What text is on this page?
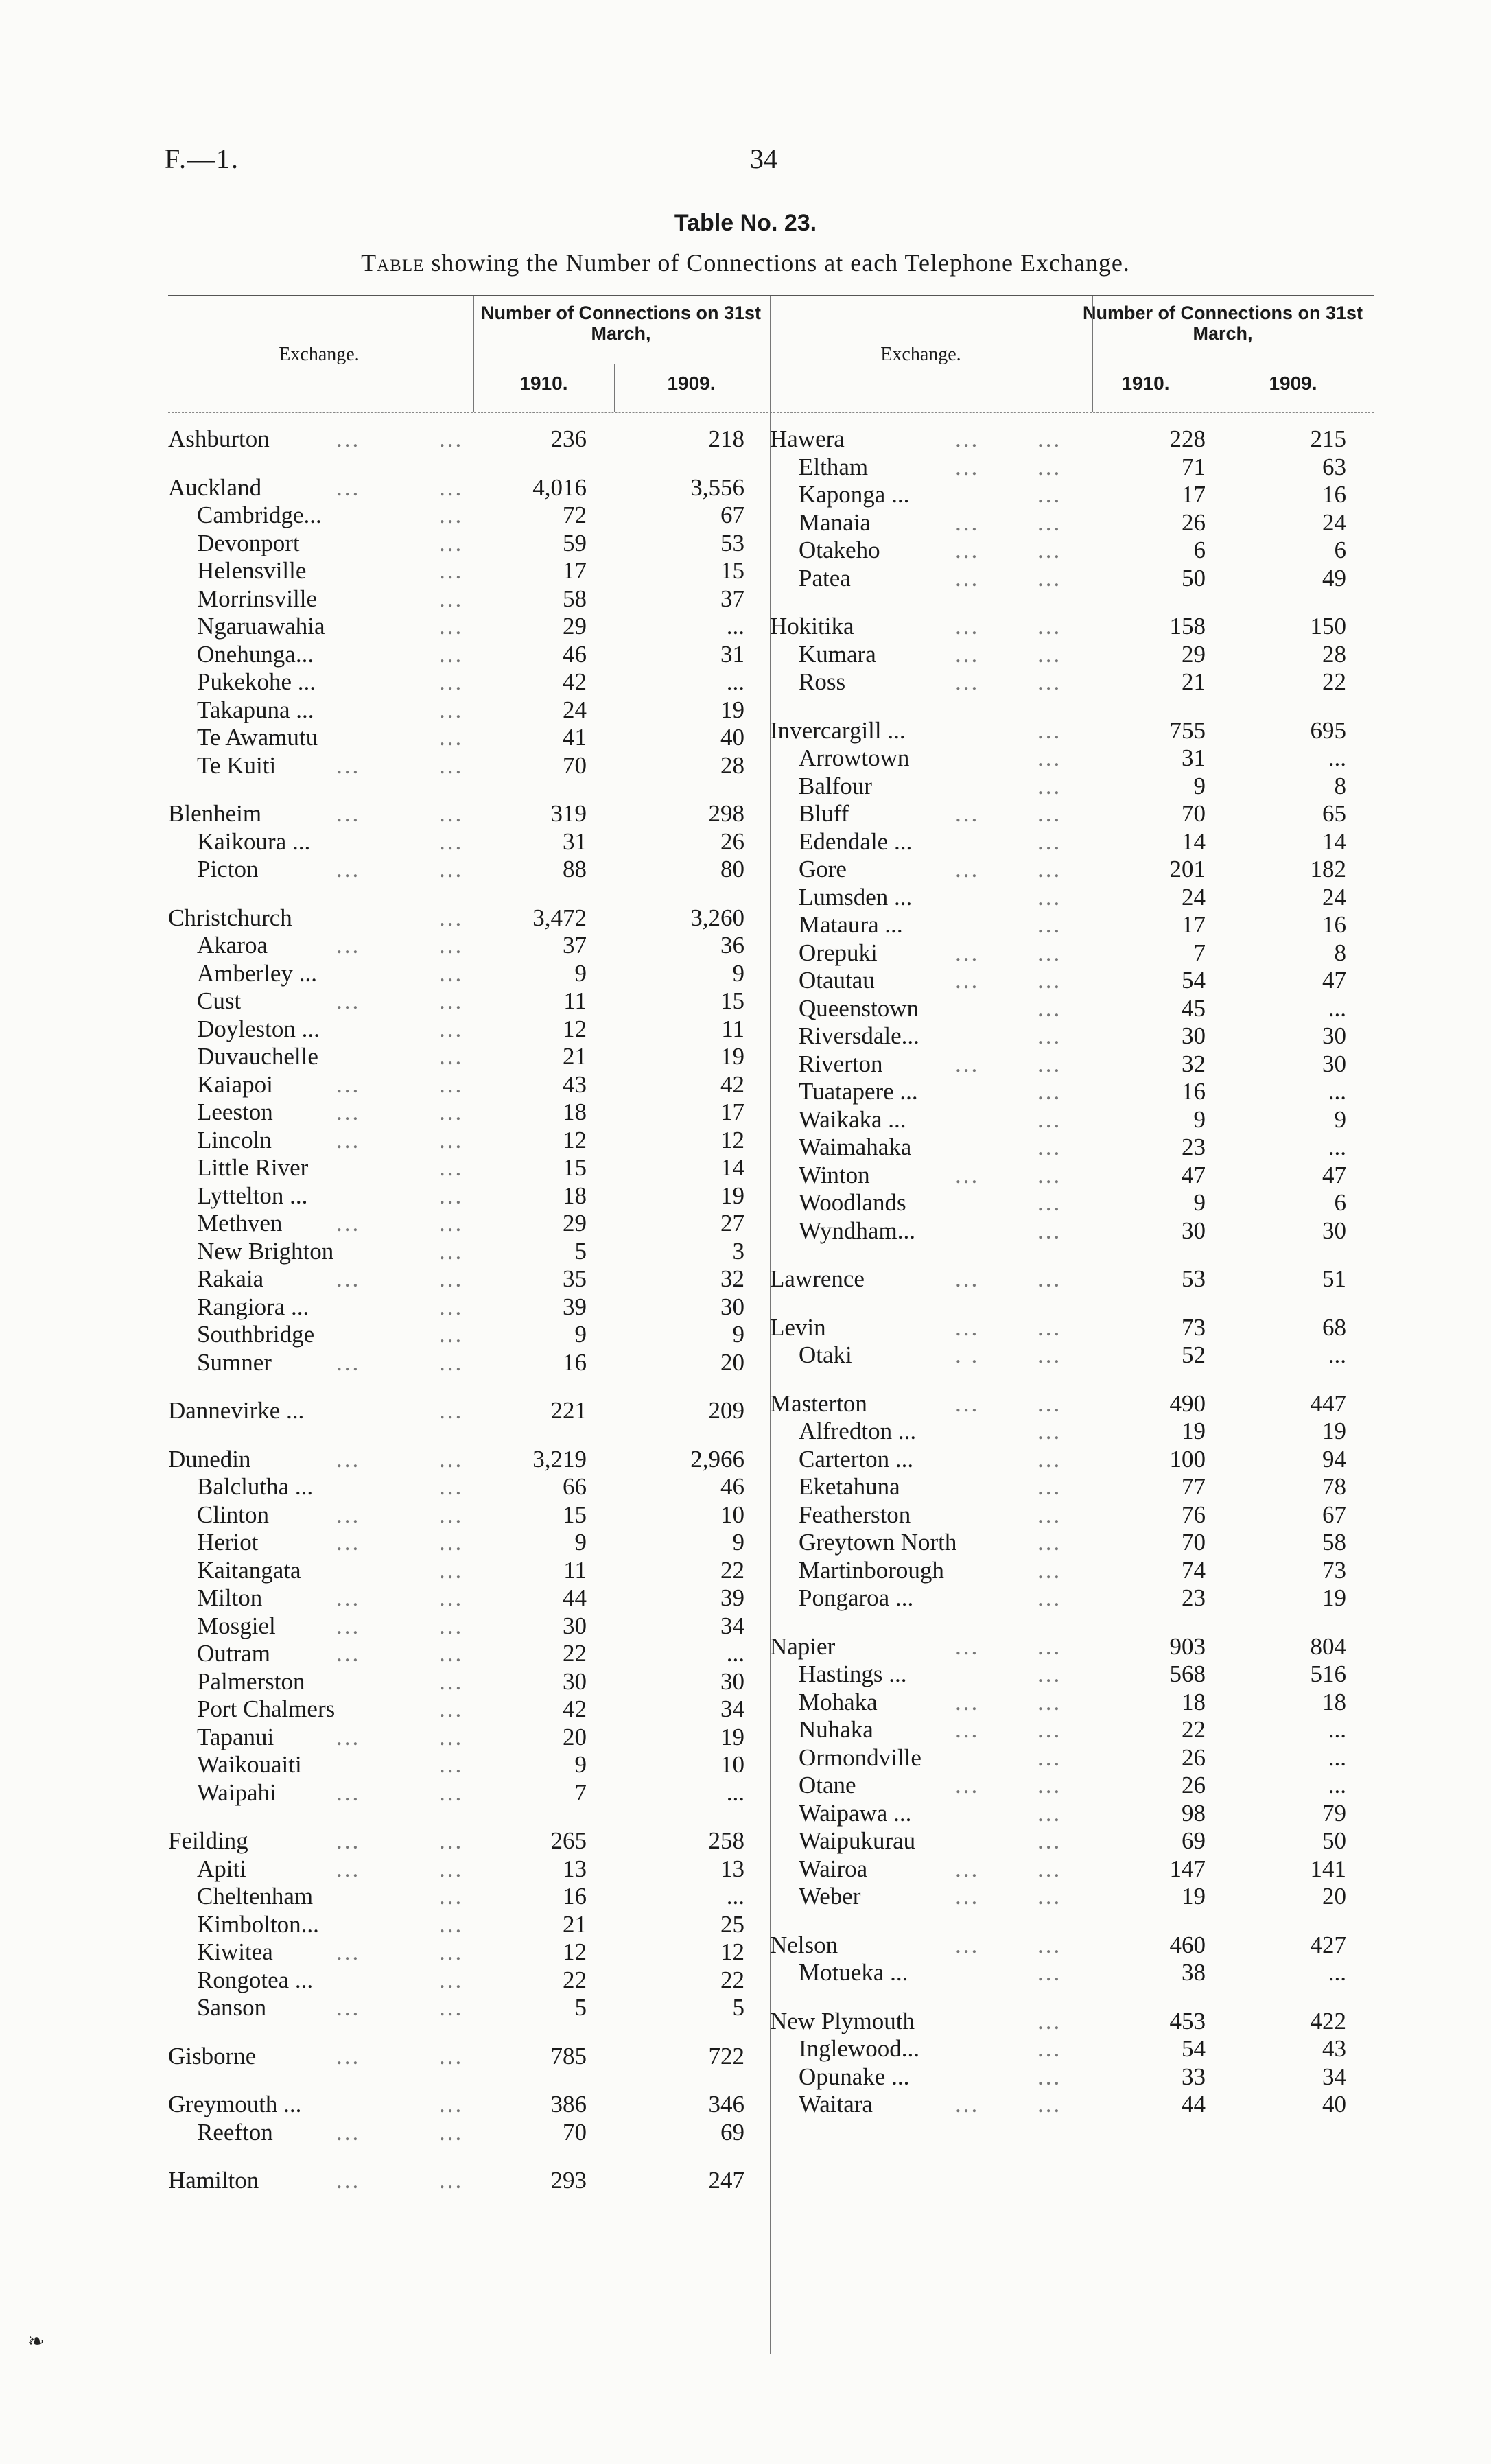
F.—1.	34
Table No. 23.
Table showing the Number of Connections at each Telephone Exchange.
Exchange.
Number of Connections on 31st March,
1910.	1909.
Ashburton	...	...	236	218
Auckland	...	...	4,016	3,556
Cambridge...	...	72	67
Devonport	...	59	53
Helensville	...	17	15
Morrinsville	...	58	37
Ngaruawahia	...	29	...
Onehunga...	...	46	31
Pukekohe ...	...	42	...
Takapuna ...	...	24	19
Te Awamutu	...	41	40
Te Kuiti	...	...	70	28
Blenheim	...	...	319	298
Kaikoura ...	...	31	26
Picton	...	...	88	80
Christchurch	...	3,472	3,260
Akaroa	...	...	37	36
Amberley ...	...	9	9
Cust	...	...	11	15
Doyleston ...	...	12	11
Duvauchelle	...	21	19
Kaiapoi	...	...	43	42
Leeston	...	...	18	17
Lincoln	...	...	12	12
Little River	...	15	14
Lyttelton ...	...	18	19
Methven ...	...	29	27
New Brighton	...	5	3
Rakaia	...	...	35	32
Rangiora ...	...	39	30
Southbridge	...	9	9
Sumner	...	...	16	20
Dannevirke ...	...	221	209
Dunedin	...	...	3,219	2,966
Balclutha ...	...	66	46
Clinton	...	...	15	10
Heriot	...	...	9	9
Kaitangata	...	11	22
Milton	...	...	44	39
Mosgiel	...	...	30	34
Outram	...	...	22	...
Palmerston	...	30	30
Port Chalmers	...	42	34
Tapanui	...	...	20	19
Waikouaiti	...	9	10
Waipahi ...	...	7	...
Feilding	...	...	265	258
Apiti	...	...	13	13
Cheltenham	...	16	...
Kimbolton...	...	21	25
Kiwitea	...	...	12	12
Rongotea ...	...	22	22
Sanson	...	...	5	5
Gisborne	...	...	785	722
Greymouth ...	...	386	346
Reefton	...	...	70	69
Hamilton	...	...	293	247
Exchange.
Number of Connections on 31st March,
1910.	1909.
Hawera	... ...	228	215
Eltham	... ...	71	63
Kaponga ...	...	17	16
Manaia	... ...	26	24
Otakeho	... ...	6	6
Patea	... ...	50	49
Hokitika	... ...	158	150
Kumara	... ...	29	28
Ross	... ...	21	22
Invercargill ...	...	755	695
Arrowtown	...	31	...
Balfour	...	9	8
Bluff	... ...	70	65
Edendale ...	...	14	14
Gore	... ...	201	182
Lumsden ...	...	24	24
Mataura ...	...	17	16
Orepuki	... ...	7	8
Otautau	... ...	54	47
Queenstown	...	45	...
Riversdale...	...	30	30
Riverton	... ...	32	30
Tuatapere ...	...	16	...
Waikaka ...	...	9	9
Waimahaka	...	23	...
Winton	... ...	47	47
Woodlands	...	9	6
Wyndham...	...	30	30
Lawrence	... ...	53	51
Levin	... ...	73	68
Otaki	. . ...	52	...
Masterton	... ...	490	447
Alfredton ...	...	19	19
Carterton ...	...	100	94
Eketahuna	...	77	78
Featherston	...	76	67
Greytown North	...	70	58
Martinborough	...	74	73
Pongaroa ...	...	23	19
Napier	... ...	903	804
Hastings ...	...	568	516
Mohaka	... ...	18	18
Nuhaka	... ...	22	...
Ormondville	...	26	...
Otane	... ...	26	...
Waipawa ...	...	98	79
Waipukurau	...	69	50
Wairoa	... ...	147	141
Weber	... ...	19	20
Nelson	... ...	460	427
Motueka ...	...	38	...
New Plymouth	...	453	422
Inglewood...	...	54	43
Opunake ...	...	33	34
Waitara	... ...	44	40
❧
